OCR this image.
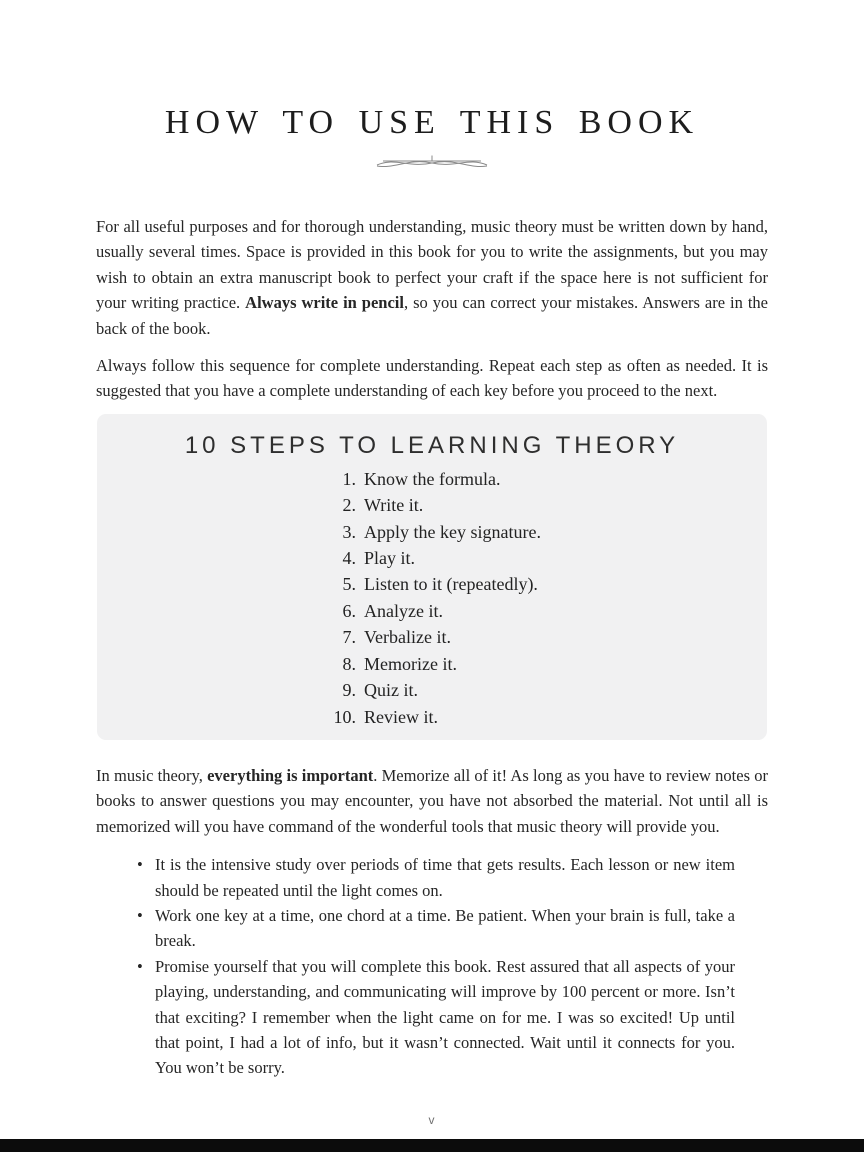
HOW TO USE THIS BOOK

For all useful purposes and for thorough understanding, music theory must be written down by hand, usually several times. Space is provided in this book for you to write the assignments, but you may wish to obtain an extra manuscript book to perfect your craft if the space here is not sufficient for your writing practice. Always write in pencil, so you can correct your mistakes. Answers are in the back of the book.

Always follow this sequence for complete understanding. Repeat each step as often as needed. It is suggested that you have a complete understanding of each key before you proceed to the next.

10 STEPS TO LEARNING THEORY
1. Know the formula.
2. Write it.
3. Apply the key signature.
4. Play it.
5. Listen to it (repeatedly).
6. Analyze it.
7. Verbalize it.
8. Memorize it.
9. Quiz it.
10. Review it.

In music theory, everything is important. Memorize all of it! As long as you have to review notes or books to answer questions you may encounter, you have not absorbed the material. Not until all is memorized will you have command of the wonderful tools that music theory will provide you.

• It is the intensive study over periods of time that gets results. Each lesson or new item should be repeated until the light comes on.
• Work one key at a time, one chord at a time. Be patient. When your brain is full, take a break.
• Promise yourself that you will complete this book. Rest assured that all aspects of your playing, understanding, and communicating will improve by 100 percent or more. Isn’t that exciting? I remember when the light came on for me. I was so excited! Up until that point, I had a lot of info, but it wasn’t connected. Wait until it connects for you. You won’t be sorry.
v
